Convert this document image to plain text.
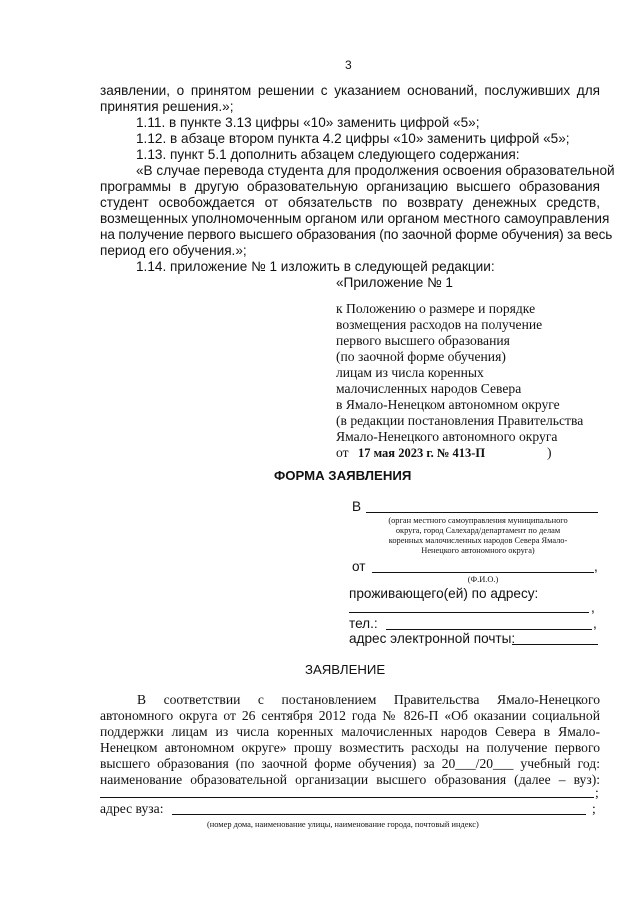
3
заявлении, о принятом решении с указанием оснований, послуживших для
принятия решения.»;
1.11. в пункте 3.13 цифры «10» заменить цифрой «5»;
1.12. в абзаце втором пункта 4.2 цифры «10» заменить цифрой «5»;
1.13. пункт 5.1 дополнить абзацем следующего содержания:
«В случае перевода студента для продолжения освоения образовательной
программы в другую образовательную организацию высшего образования
студент освобождается от обязательств по возврату денежных средств,
возмещенных уполномоченным органом или органом местного самоуправления
на получение первого высшего образования (по заочной форме обучения) за весь
период его обучения.»;
1.14. приложение № 1 изложить в следующей редакции:
«Приложение № 1
к Положению о размере и порядке
возмещения расходов на получение
первого высшего образования
(по заочной форме обучения)
лицам из числа коренных
малочисленных народов Севера
в Ямало-Ненецком автономном округе
(в редакции постановления Правительства
Ямало-Ненецкого автономного округа
от 17 мая 2023 г. № 413-П	)
ФОРМА ЗАЯВЛЕНИЯ
В
(орган местного самоуправления муниципального
округа, город Салехард/департамент по делам
коренных малочисленных народов Севера Ямало-
Ненецкого автономного округа)
от	,
(Ф.И.О.)
проживающего(ей) по адресу:
,
тел.:	,
адрес электронной почты:
ЗАЯВЛЕНИЕ
В соответствии с постановлением Правительства Ямало-Ненецкого
автономного округа от 26 сентября 2012 года № 826-П «Об оказании социальной
поддержки лицам из числа коренных малочисленных народов Севера в Ямало-
Ненецком автономном округе» прошу возместить расходы на получение первого
высшего образования (по заочной форме обучения) за 20___/20___ учебный год:
наименование образовательной организации высшего образования (далее – вуз):
;
адрес вуза:	;
(номер дома, наименование улицы, наименование города, почтовый индекс)
